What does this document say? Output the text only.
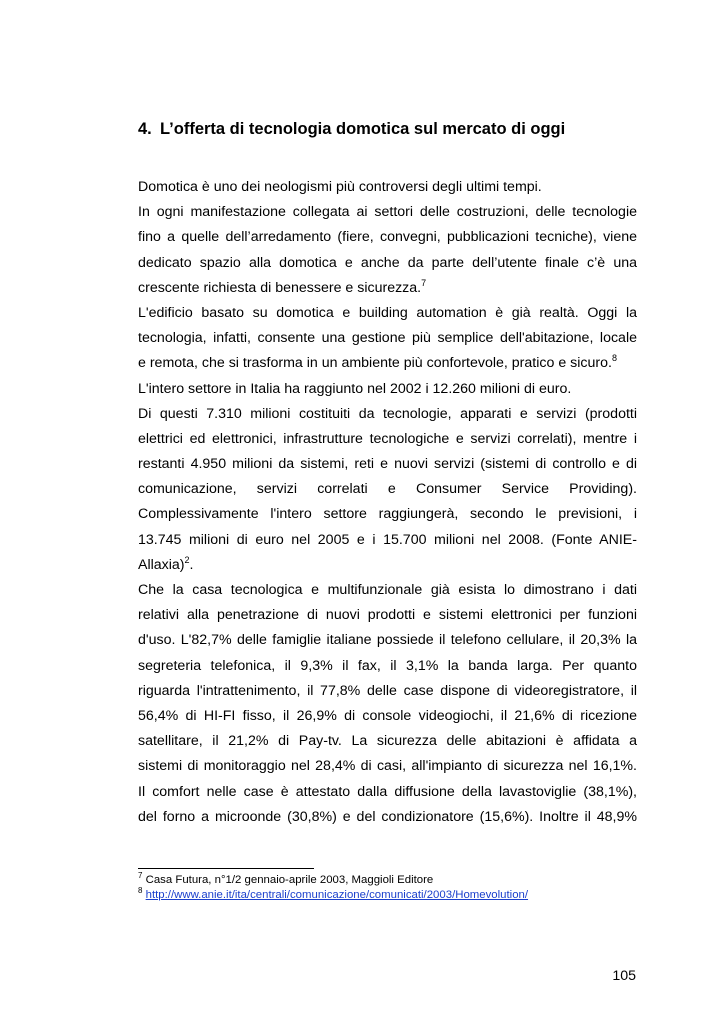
4. L’offerta di tecnologia domotica sul mercato di oggi
Domotica è uno dei neologismi più controversi degli ultimi tempi.
In ogni manifestazione collegata ai settori delle costruzioni, delle tecnologie
fino a quelle dell’arredamento (fiere, convegni, pubblicazioni tecniche), viene
dedicato spazio alla domotica e anche da parte dell’utente finale c’è una
crescente richiesta di benessere e sicurezza.$^7$
L'edificio basato su domotica e building automation è già realtà. Oggi la
tecnologia, infatti, consente una gestione più semplice dell'abitazione, locale
e remota, che si trasforma in un ambiente più confortevole, pratico e sicuro.$^8$
L'intero settore in Italia ha raggiunto nel 2002 i 12.260 milioni di euro.
Di questi 7.310 milioni costituiti da tecnologie, apparati e servizi (prodotti
elettrici ed elettronici, infrastrutture tecnologiche e servizi correlati), mentre i
restanti 4.950 milioni da sistemi, reti e nuovi servizi (sistemi di controllo e di
comunicazione, servizi correlati e Consumer Service Providing).
Complessivamente l'intero settore raggiungerà, secondo le previsioni, i
13.745 milioni di euro nel 2005 e i 15.700 milioni nel 2008. (Fonte ANIE-
Allaxia)$^2$.
Che la casa tecnologica e multifunzionale già esista lo dimostrano i dati
relativi alla penetrazione di nuovi prodotti e sistemi elettronici per funzioni
d'uso. L'82,7% delle famiglie italiane possiede il telefono cellulare, il 20,3% la
segreteria telefonica, il 9,3% il fax, il 3,1% la banda larga. Per quanto
riguarda l'intrattenimento, il 77,8% delle case dispone di videoregistratore, il
56,4% di HI-FI fisso, il 26,9% di console videogiochi, il 21,6% di ricezione
satellitare, il 21,2% di Pay-tv. La sicurezza delle abitazioni è affidata a
sistemi di monitoraggio nel 28,4% di casi, all'impianto di sicurezza nel 16,1%.
Il comfort nelle case è attestato dalla diffusione della lavastoviglie (38,1%),
del forno a microonde (30,8%) e del condizionatore (15,6%). Inoltre il 48,9%
$^7$ Casa Futura, n°1/2 gennaio-aprile 2003, Maggioli Editore
$^8$ http://www.anie.it/ita/centrali/comunicazione/comunicati/2003/Homevolution/
105
